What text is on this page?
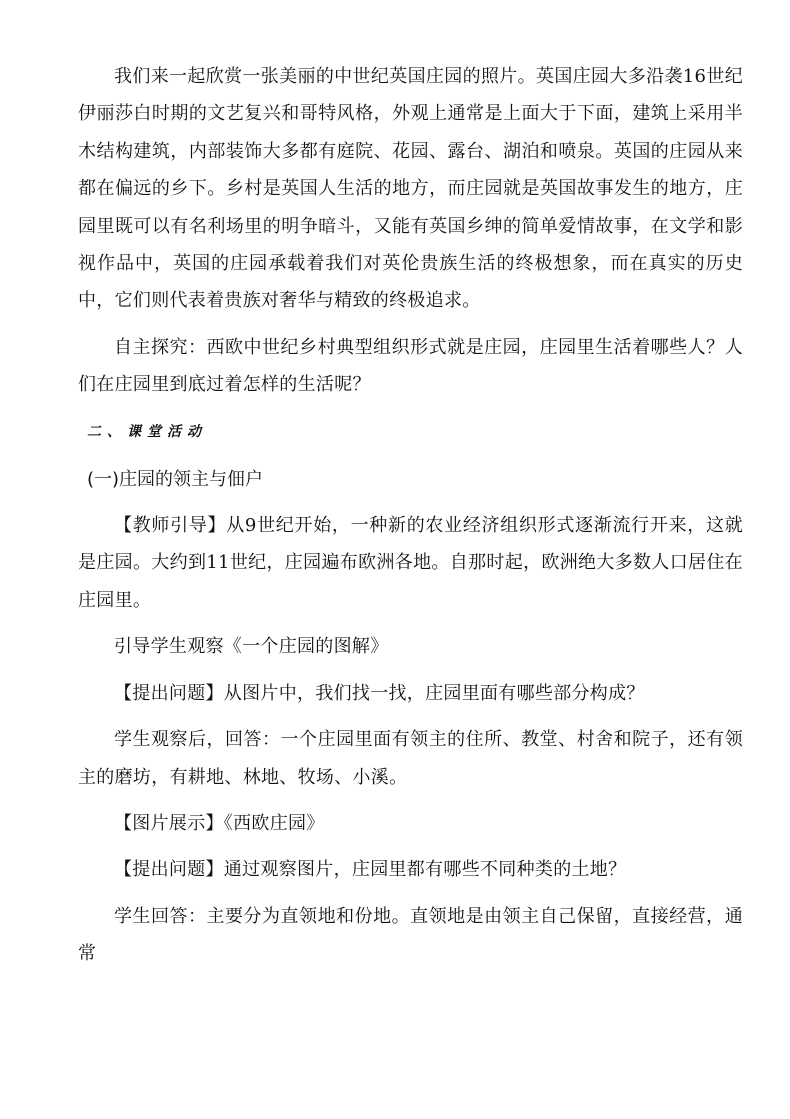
我们来一起欣赏一张美丽的中世纪英国庄园的照片。英国庄园大多沿袭16世纪伊丽莎白时期的文艺复兴和哥特风格，外观上通常是上面大于下面，建筑上采用半木结构建筑，内部装饰大多都有庭院、花园、露台、湖泊和喷泉。英国的庄园从来都在偏远的乡下。乡村是英国人生活的地方，而庄园就是英国故事发生的地方，庄园里既可以有名利场里的明争暗斗，又能有英国乡绅的简单爱情故事，在文学和影视作品中，英国的庄园承载着我们对英伦贵族生活的终极想象，而在真实的历史中，它们则代表着贵族对奢华与精致的终极追求。

自主探究：西欧中世纪乡村典型组织形式就是庄园，庄园里生活着哪些人？人们在庄园里到底过着怎样的生活呢？

二、课堂活动
(一)庄园的领主与佃户

【教师引导】从9世纪开始，一种新的农业经济组织形式逐渐流行开来，这就是庄园。大约到11世纪，庄园遍布欧洲各地。自那时起，欧洲绝大多数人口居住在庄园里。

引导学生观察《一个庄园的图解》

【提出问题】从图片中，我们找一找，庄园里面有哪些部分构成？

学生观察后，回答：一个庄园里面有领主的住所、教堂、村舍和院子，还有领主的磨坊，有耕地、林地、牧场、小溪。

【图片展示】《西欧庄园》

【提出问题】通过观察图片，庄园里都有哪些不同种类的土地？

学生回答：主要分为直领地和份地。直领地是由领主自己保留，直接经营，通常
